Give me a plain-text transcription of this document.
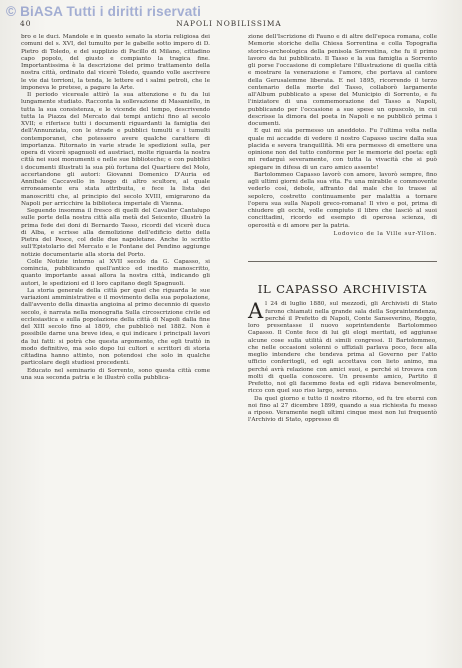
© BiASA Tutti i diritti riservati
40	NAPOLI NOBILISSIMA

bro e le duci. Mandole e in questo senato la storia religiosa dei comuni del s. XVI, del tumulto per le gabelle sotto impero di D. Pietro di Toledo, e del supplizio di Pacillo di Milano, cittadino capo popolo, del giusto e compianto la tragica fine. Importantissima è la descrizione del primo trattamento della nostra città, ordinato dal vicerè Toledo, quando volle ascrivere le vie dai torrioni, la tenda, le lettere ed i salmi petroli, che le imponeva le pretese, a pagare la Arte.

Il periodo vicereale attirò la sua attenzione e fu da lui lungamente studiato. Racconta la sollevazione di Masaniello, in tutta la sua consistenza, e le vicende del tempo, descrivendo tutta la Piazza del Mercato dai tempi antichi fino al secolo XVII; e riferisce tutti i documenti riguardanti la famiglia dei dell'Annunziata, con le strade e pubblici tumulti e i tumulti contemporanei, che potessero avere qualche carattere di importanza. Ritornato in varie strade le spedizioni sulla, per opera di vicerè spagnuoli ed austriaci, molte riguarda la nostra città nei suoi monumenti e nelle sue biblioteche; e con pubblici i documenti illustrati la sua più fortuna del Quartiere del Molo, accertandone gli autori: Giovanni Domenico D'Auria ed Annibale Caccavello in luogo di altro scultore, al quale erroneamente era stata attribuita, e fece la lista dei manoscritti che, al principio del secolo XVIII, emigrarono da Napoli per arricchire la biblioteca imperiale di Vienna.

Seguendo insomma il fresco di quelli del Cavalier Cantalupo sulle porte della nostra città alla metà del Seicento, illustrò la prima fede dei doni di Bernardo Tasso, ricordi del vicerè duca di Alba, e scrisse alla demolizione dell'edificio detto della Pietra del Pesce, col delle due napoletane. Anche lo scritto sull'Epistolario del Mercato e le Fontane del Pendino aggiunge notizie documentarie alla storia del Porto.

Colle Notizie intorno al XVII secolo da G. Capasso, si comincia, pubblicando quell'antico ed inedito manoscritto, quanto importante assai allora la nostra città, indicando gli autori, le spedizioni ed il loro capitano degli Spagnuoli.

La storia generale della città per quel che riguarda le sue variazioni amministrative e il movimento della sua popolazione, dall'avvento della dinastia angioina al primo decennio di questo secolo, è narrata nella monografia Sulla circoscrizione civile ed ecclesiastica e sulla popolazione della città di Napoli dalla fine del XIII secolo fino al 1809, che pubblicò nel 1882. Non è possibile darne una breve idea, e qui indicare i principali lavori da lui fatti: si potrà che questa argomento, che egli trattò in modo definitivo, ma solo dopo lui cultori e scrittori di storia cittadina hanno attinto, non potendosi che solo in qualche particolare degli studiosi precedenti.

Educato nel seminario di Sorrento, sono questa città come una sua seconda patria e le illustrò colla pubblica-

zione dell'Iscrizione di Fauno e di altre dell'epoca romana, colle Memorie storiche della Chiesa Sorrentina e colla Topografia storico-archeologica della penisola Sorrentina, che fu il primo lavoro da lui pubblicato. Il Tasso e la sua famiglia a Sorrento gli porse l'occasione di completare l'illustrazione di quella città e mostrare la venerazione e l'amore, che portava al cantore della Gerusalemme liberata. E nel 1895, ricorrendo il terzo centenario della morte del Tasso, collaborò largamente all'Album pubblicato a spese del Municipio di Sorrento, e fu l'iniziatore di una commemorazione del Tasso a Napoli, pubblicando per l'occasione a sue spese un opuscolo, in cui descrisse la dimora del poeta in Napoli e ne pubblicò prima i documenti.

E qui mi sia permesso un aneddoto. Fu l'ultima volta nella quale mi accadde di vedere il nostro Capasso uscire dalla sua placida e severa tranquillità. Mi era permesso di emettere una opinione non del tutto conforme per le memorie del poeta: egli mi redarguì severamente, con tutta la vivacità che si può spiegare in difesa di un caro amico assente!

Bartolommeo Capasso lavorò con amore, lavorò sempre, fino agli ultimi giorni della sua vita. Fu una mirabile e commovente vederlo così, debole, affranto dal male che lo trasse al sepolcro, costretto continuamente per malattia a tornare l'opera sua sulla Napoli greco-romana! Il vivo e poi, prima di chiudere gli occhi, volle compiuto il libro che lasciò al suoi concittadini, ricordo ed esempio di operosa scienza, di operosità e di amore per la patria.

Lodovico de la Ville sur-Yllon.
IL CAPASSO ARCHIVISTA
A l 24 di luglio 1880, sul mezzodì, gli Archivisti di Stato furono chiamati nella grande sala della Sopraintendenza, perché il Prefetto di Napoli, Conte Sanseverino, Reggio, loro presentasse il nuovo soprintendente Bartolommeo Capasso. Il Conte fece di lui gli elogi meritati, ed aggiunse alcune cose sulla utilità di simili congressi. Il Bartolommeo, che nelle occasioni solenni o uffiziali parlava poco, fece alla meglio intendere che tendeva prima al Governo per l'atto ufficio conferitogli, ed egli accettava con lieto animo, ma perché avrà relazione con amici suoi, e perché si trovava con molti di quella conoscere. Un presente amico, Partito il Prefetto, noi gli facemmo festa ed egli ridava benevolmente, ricco con quel suo riso largo, sereno.

Da quel giorno e tutto il nostro ritorno, ed fu tre eterni con noi fino al 27 dicembre 1899, quando a sua richiesta fu messo a riposo. Veramente negli ultimi cinque mesi non lui frequentò l'Archivio di Stato, oppresso di
